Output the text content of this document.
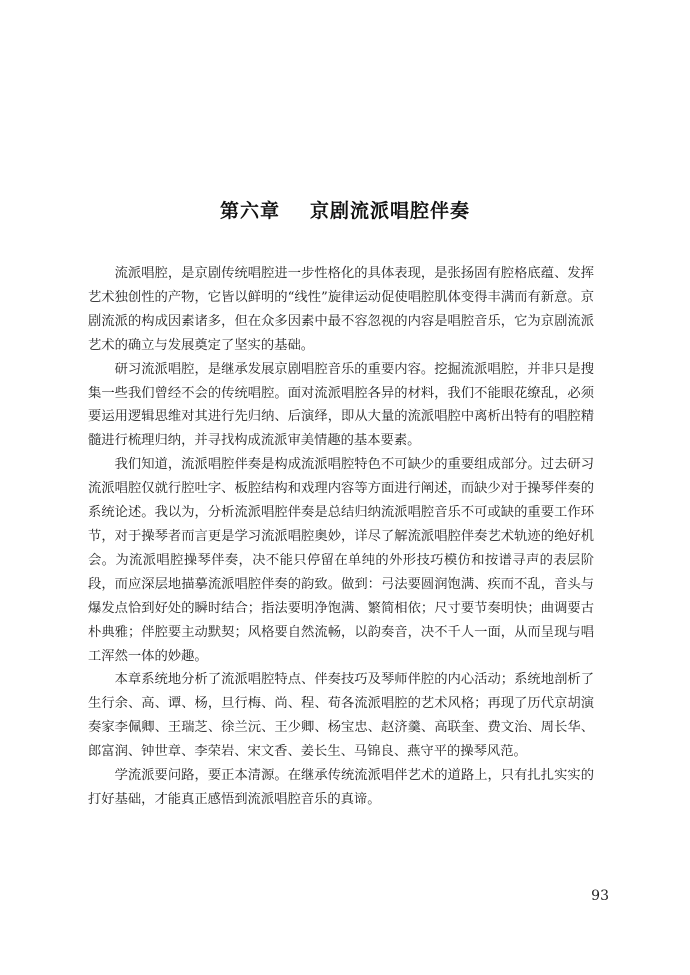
第六章 京剧流派唱腔伴奏

流派唱腔，是京剧传统唱腔进一步性格化的具体表现，是张扬固有腔格底蕴、发挥艺术独创性的产物，它皆以鲜明的“线性”旋律运动促使唱腔肌体变得丰满而有新意。京剧流派的构成因素诸多，但在众多因素中最不容忽视的内容是唱腔音乐，它为京剧流派艺术的确立与发展奠定了坚实的基础。

研习流派唱腔，是继承发展京剧唱腔音乐的重要内容。挖掘流派唱腔，并非只是搜集一些我们曾经不会的传统唱腔。面对流派唱腔各异的材料，我们不能眼花缭乱，必须要运用逻辑思维对其进行先归纳、后演绎，即从大量的流派唱腔中离析出特有的唱腔精髓进行梳理归纳，并寻找构成流派审美情趣的基本要素。

我们知道，流派唱腔伴奏是构成流派唱腔特色不可缺少的重要组成部分。过去研习流派唱腔仅就行腔吐字、板腔结构和戏理内容等方面进行阐述，而缺少对于操琴伴奏的系统论述。我以为，分析流派唱腔伴奏是总结归纳流派唱腔音乐不可或缺的重要工作环节，对于操琴者而言更是学习流派唱腔奥妙，详尽了解流派唱腔伴奏艺术轨迹的绝好机会。为流派唱腔操琴伴奏，决不能只停留在单纯的外形技巧模仿和按谱寻声的表层阶段，而应深层地描摹流派唱腔伴奏的韵致。做到：弓法要圆润饱满、疾而不乱，音头与爆发点恰到好处的瞬时结合；指法要明净饱满、繁简相依；尺寸要节奏明快；曲调要古朴典雅；伴腔要主动默契；风格要自然流畅，以韵奏音，决不千人一面，从而呈现与唱工浑然一体的妙趣。

本章系统地分析了流派唱腔特点、伴奏技巧及琴师伴腔的内心活动；系统地剖析了生行余、高、谭、杨，旦行梅、尚、程、荀各流派唱腔的艺术风格；再现了历代京胡演奏家李佩卿、王瑞芝、徐兰沅、王少卿、杨宝忠、赵济羹、高联奎、费文治、周长华、郎富润、钟世章、李荣岩、宋文香、姜长生、马锦良、燕守平的操琴风范。

学流派要问路，要正本清源。在继承传统流派唱伴艺术的道路上，只有扎扎实实的打好基础，才能真正感悟到流派唱腔音乐的真谛。

93
